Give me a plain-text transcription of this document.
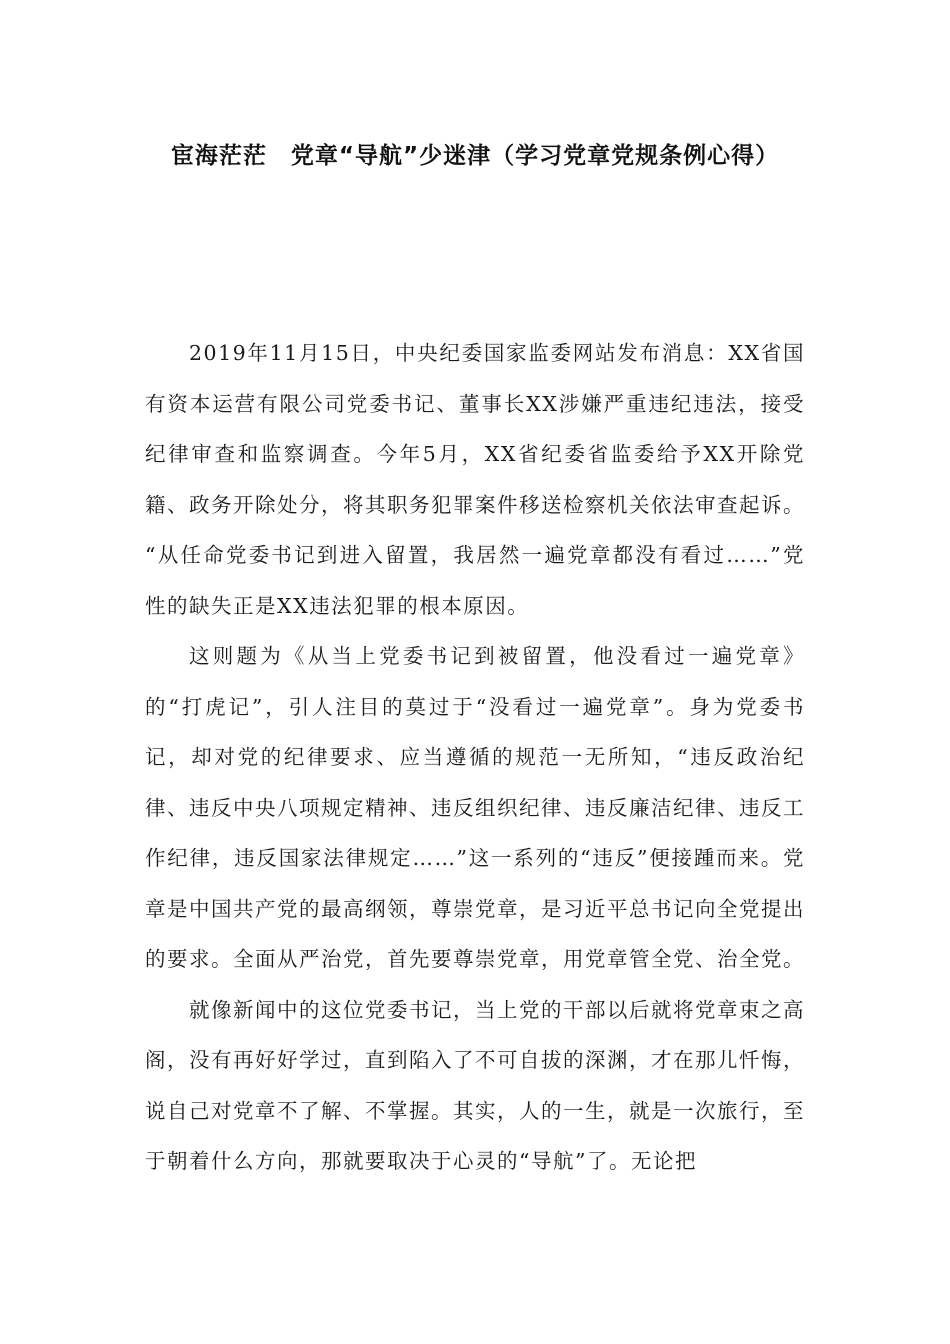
宦海茫茫　党章“导航”少迷津（学习党章党规条例心得）

2019年11月15日，中央纪委国家监委网站发布消息：XX省国有资本运营有限公司党委书记、董事长XX涉嫌严重违纪违法，接受纪律审查和监察调查。今年5月，XX省纪委省监委给予XX开除党籍、政务开除处分，将其职务犯罪案件移送检察机关依法审查起诉。

“从任命党委书记到进入留置，我居然一遍党章都没有看过……”党性的缺失正是XX违法犯罪的根本原因。

这则题为《从当上党委书记到被留置，他没看过一遍党章》的“打虎记”，引人注目的莫过于“没看过一遍党章”。身为党委书记，却对党的纪律要求、应当遵循的规范一无所知，“违反政治纪律、违反中央八项规定精神、违反组织纪律、违反廉洁纪律、违反工作纪律，违反国家法律规定……”这一系列的“违反”便接踵而来。党章是中国共产党的最高纲领，尊崇党章，是习近平总书记向全党提出的要求。全面从严治党，首先要尊崇党章，用党章管全党、治全党。

就像新闻中的这位党委书记，当上党的干部以后就将党章束之高阁，没有再好好学过，直到陷入了不可自拔的深渊，才在那儿忏悔，说自己对党章不了解、不掌握。其实，人的一生，就是一次旅行，至于朝着什么方向，那就要取决于心灵的“导航”了。无论把
